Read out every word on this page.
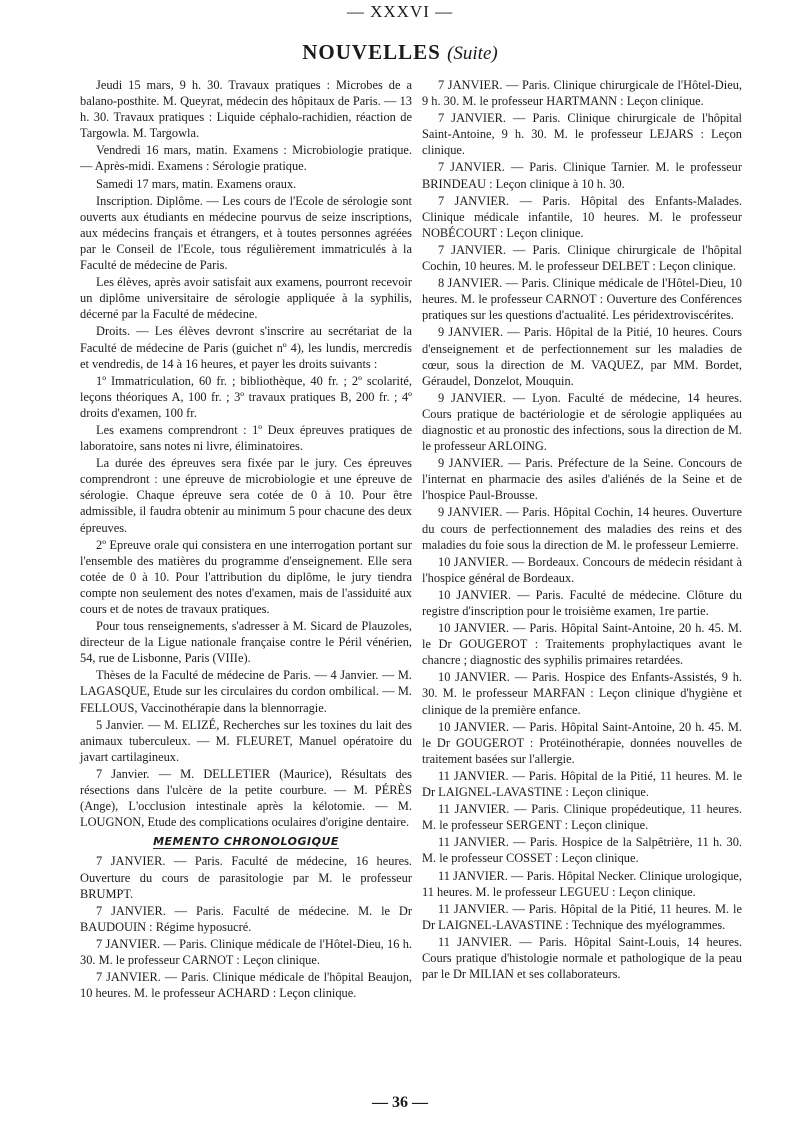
— XXXVI —
NOUVELLES (Suite)

Jeudi 15 mars, 9 h. 30. Travaux pratiques : Microbes de a balano-posthite. M. Queyrat, médecin des hôpitaux de Paris. — 13 h. 30. Travaux pratiques : Liquide céphalo-rachidien, réaction de Targowla. M. Targowla.

Vendredi 16 mars, matin. Examens : Microbiologie pratique. — Après-midi. Examens : Sérologie pratique.

Samedi 17 mars, matin. Examens oraux.

Inscription. Diplôme. — Les cours de l'Ecole de sérologie sont ouverts aux étudiants en médecine pourvus de seize inscriptions, aux médecins français et étrangers, et à toutes personnes agréées par le Conseil de l'Ecole, tous régulièrement immatriculés à la Faculté de médecine de Paris.

Les élèves, après avoir satisfait aux examens, pourront recevoir un diplôme universitaire de sérologie appliquée à la syphilis, décerné par la Faculté de médecine.

Droits. — Les élèves devront s'inscrire au secrétariat de la Faculté de médecine de Paris (guichet nº 4), les lundis, mercredis et vendredis, de 14 à 16 heures, et payer les droits suivants :

1º Immatriculation, 60 fr. ; bibliothèque, 40 fr. ; 2º scolarité, leçons théoriques A, 100 fr. ; 3º travaux pratiques B, 200 fr. ; 4º droits d'examen, 100 fr.

Les examens comprendront : 1º Deux épreuves pratiques de laboratoire, sans notes ni livre, éliminatoires.

La durée des épreuves sera fixée par le jury. Ces épreuves comprendront : une épreuve de microbiologie et une épreuve de sérologie. Chaque épreuve sera cotée de 0 à 10. Pour être admissible, il faudra obtenir au minimum 5 pour chacune des deux épreuves.

2º Epreuve orale qui consistera en une interrogation portant sur l'ensemble des matières du programme d'enseignement. Elle sera cotée de 0 à 10. Pour l'attribution du diplôme, le jury tiendra compte non seulement des notes d'examen, mais de l'assiduité aux cours et de notes de travaux pratiques.

Pour tous renseignements, s'adresser à M. Sicard de Plauzoles, directeur de la Ligue nationale française contre le Péril vénérien, 54, rue de Lisbonne, Paris (VIIIe).

Thèses de la Faculté de médecine de Paris. — 4 Janvier. — M. LAGASQUE, Etude sur les circulaires du cordon ombilical. — M. FELLOUS, Vaccinothérapie dans la blennorragie.

5 Janvier. — M. ELIZÉ, Recherches sur les toxines du lait des animaux tuberculeux. — M. FLEURET, Manuel opératoire du javart cartilagineux.

7 Janvier. — M. DELLETIER (Maurice), Résultats des résections dans l'ulcère de la petite courbure. — M. PÉRÈS (Ange), L'occlusion intestinale après la kélotomie. — M. LOUGNON, Etude des complications oculaires d'origine dentaire.

MEMENTO CHRONOLOGIQUE

7 JANVIER. — Paris. Faculté de médecine, 16 heures. Ouverture du cours de parasitologie par M. le professeur BRUMPT.

7 JANVIER. — Paris. Faculté de médecine. M. le Dr BAUDOUIN : Régime hyposucré.

7 JANVIER. — Paris. Clinique médicale de l'Hôtel-Dieu, 16 h. 30. M. le professeur CARNOT : Leçon clinique.

7 JANVIER. — Paris. Clinique médicale de l'hôpital Beaujon, 10 heures. M. le professeur ACHARD : Leçon clinique.

7 JANVIER. — Paris. Clinique chirurgicale de l'Hôtel-Dieu, 9 h. 30. M. le professeur HARTMANN : Leçon clinique.

7 JANVIER. — Paris. Clinique chirurgicale de l'hôpital Saint-Antoine, 9 h. 30. M. le professeur LEJARS : Leçon clinique.

7 JANVIER. — Paris. Clinique Tarnier. M. le professeur BRINDEAU : Leçon clinique à 10 h. 30.

7 JANVIER. — Paris. Hôpital des Enfants-Malades. Clinique médicale infantile, 10 heures. M. le professeur NOBÉCOURT : Leçon clinique.

7 JANVIER. — Paris. Clinique chirurgicale de l'hôpital Cochin, 10 heures. M. le professeur DELBET : Leçon clinique.

8 JANVIER. — Paris. Clinique médicale de l'Hôtel-Dieu, 10 heures. M. le professeur CARNOT : Ouverture des Conférences pratiques sur les questions d'actualité. Les péridextroviscérites.

9 JANVIER. — Paris. Hôpital de la Pitié, 10 heures. Cours d'enseignement et de perfectionnement sur les maladies de cœur, sous la direction de M. VAQUEZ, par MM. Bordet, Géraudel, Donzelot, Mouquin.

9 JANVIER. — Lyon. Faculté de médecine, 14 heures. Cours pratique de bactériologie et de sérologie appliquées au diagnostic et au pronostic des infections, sous la direction de M. le professeur ARLOING.

9 JANVIER. — Paris. Préfecture de la Seine. Concours de l'internat en pharmacie des asiles d'aliénés de la Seine et de l'hospice Paul-Brousse.

9 JANVIER. — Paris. Hôpital Cochin, 14 heures. Ouverture du cours de perfectionnement des maladies des reins et des maladies du foie sous la direction de M. le professeur Lemierre.

10 JANVIER. — Bordeaux. Concours de médecin résidant à l'hospice général de Bordeaux.

10 JANVIER. — Paris. Faculté de médecine. Clôture du registre d'inscription pour le troisième examen, 1re partie.

10 JANVIER. — Paris. Hôpital Saint-Antoine, 20 h. 45. M. le Dr GOUGEROT : Traitements prophylactiques avant le chancre ; diagnostic des syphilis primaires retardées.

10 JANVIER. — Paris. Hospice des Enfants-Assistés, 9 h. 30. M. le professeur MARFAN : Leçon clinique d'hygiène et clinique de la première enfance.

10 JANVIER. — Paris. Hôpital Saint-Antoine, 20 h. 45. M. le Dr GOUGEROT : Protéinothérapie, données nouvelles de traitement basées sur l'allergie.

11 JANVIER. — Paris. Hôpital de la Pitié, 11 heures. M. le Dr LAIGNEL-LAVASTINE : Leçon clinique.

11 JANVIER. — Paris. Clinique propédeutique, 11 heures. M. le professeur SERGENT : Leçon clinique.

11 JANVIER. — Paris. Hospice de la Salpêtrière, 11 h. 30. M. le professeur COSSET : Leçon clinique.

11 JANVIER. — Paris. Hôpital Necker. Clinique urologique, 11 heures. M. le professeur LEGUEU : Leçon clinique.

11 JANVIER. — Paris. Hôpital de la Pitié, 11 heures. M. le Dr LAIGNEL-LAVASTINE : Technique des myélogrammes.

11 JANVIER. — Paris. Hôpital Saint-Louis, 14 heures. Cours pratique d'histologie normale et pathologique de la peau par le Dr MILIAN et ses collaborateurs.

— 36 —
